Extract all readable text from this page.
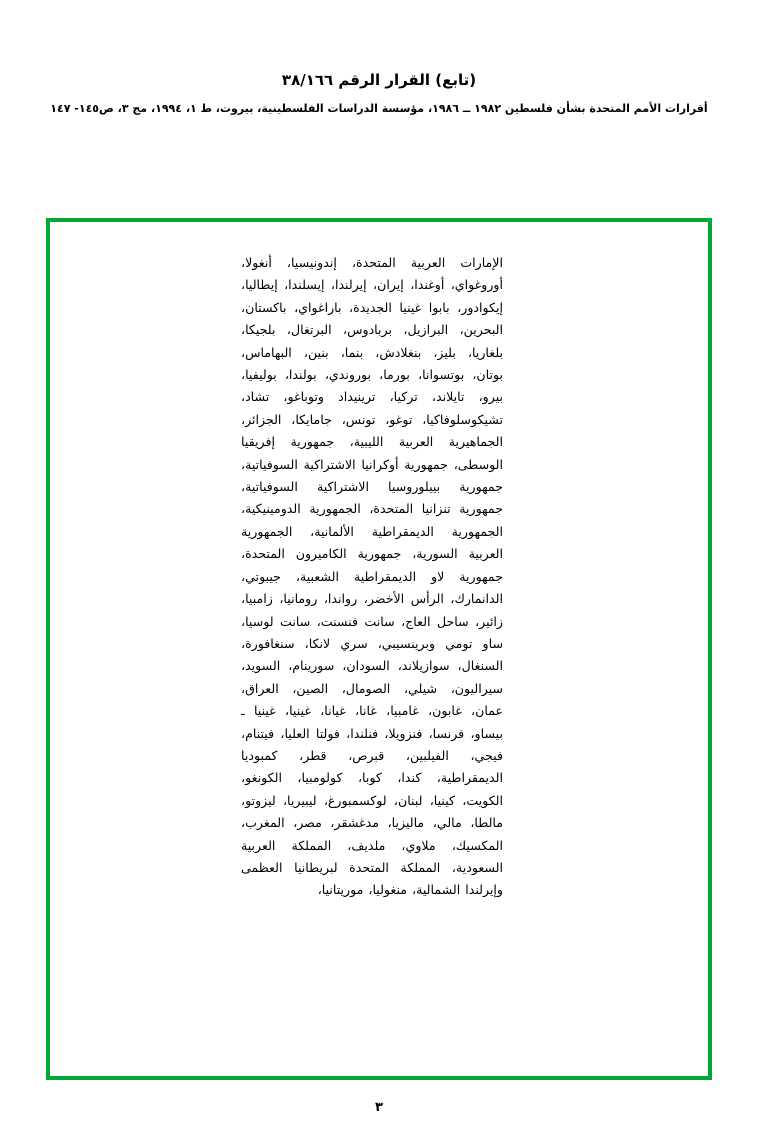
(تابع) القرار الرقم ٣٨/١٦٦
أقرارات الأمم المتحدة بشأن فلسطين ١٩٨٢ ــ ١٩٨٦، مؤسسة الدراسات الفلسطينية، بيروت، ط ١، ١٩٩٤، مج ٣، ص١٤٥- ١٤٧
الإمارات العربية المتحدة، إندونيسيا، أنغولا، أوروغواي، أوغندا، إيران، إيرلندا، إيسلندا، إيطاليا، إيكوادور، بابوا غينيا الجديدة، باراغواي، باكستان، البحرين، البرازيل، بربادوس، البرتغال، بلجيكا، بلغاريا، بليز، بنغلادش، بنما، بنين، البهاماس، بوتان، بوتسوانا، بورما، بوروندي، بولندا، بوليفيا، بيرو، تايلاند، تركيا، ترينيداد وتوباغو، تشاد، تشيكوسلوفاكيا، توغو، تونس، جامايكا، الجزائر، الجماهيرية العربية الليبية، جمهورية إفريقيا الوسطى، جمهورية أوكرانيا الاشتراكية السوفياتية، جمهورية بييلوروسيا الاشتراكية السوفياتية، جمهورية تنزانيا المتحدة، الجمهورية الدومينيكية، الجمهورية الديمقراطية الألمانية، الجمهورية العربية السورية، جمهورية الكاميرون المتحدة، جمهورية لاو الديمقراطية الشعبية، جيبوتي، الدانمارك، الرأس الأخضر، رواندا، رومانيا، زامبيا، زائير، ساحل العاج، سانت فنسنت، سانت لوسيا، ساو تومي وبرينسيبي، سري لانكا، سنغافورة، السنغال، سوازيلاند، السودان، سورينام، السويد، سيراليون، شيلي، الصومال، الصين، العراق، عمان، غابون، غامبيا، غانا، غيانا، غينيا، غينيا ـ بيساو، فرنسا، فنزويلا، فنلندا، فولتا العليا، فيتنام، فيجي، الفيلبين، قبرص، قطر، كمبوديا الديمقراطية، كندا، كوبا، كولومبيا، الكونغو، الكويت، كينيا، لبنان، لوكسمبورغ، ليبيريا، ليزوتو، مالطا، مالي، ماليزيا، مدغشقر، مصر، المغرب، المكسيك، ملاوي، ملديف، المملكة العربية السعودية، المملكة المتحدة لبريطانيا العظمى وإيرلندا الشمالية، منغوليا، موريتانيا،
٣
